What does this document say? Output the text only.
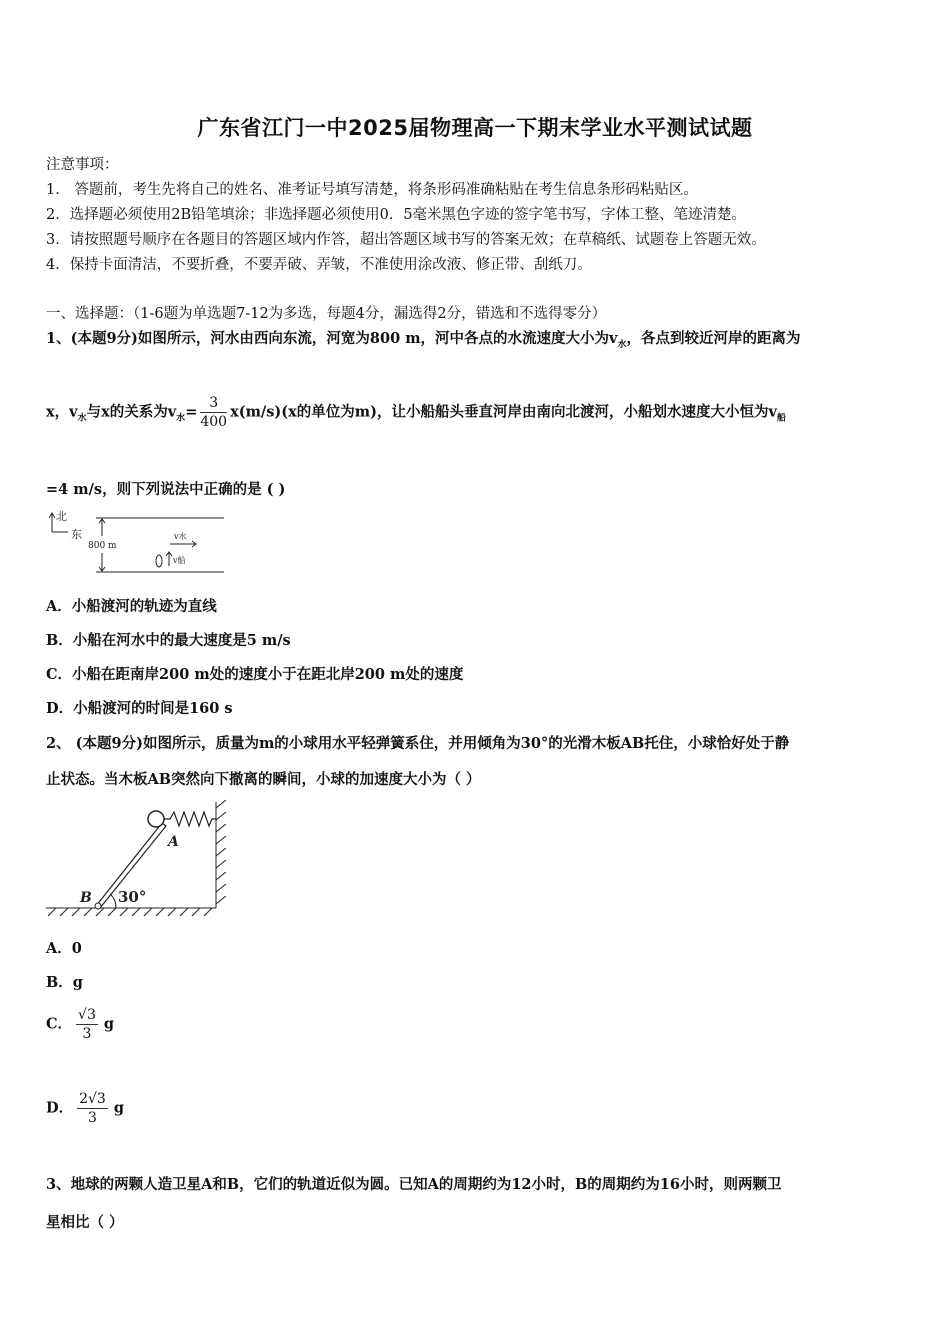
广东省江门一中2025届物理高一下期末学业水平测试试题
注意事项：
1． 答题前，考生先将自己的姓名、准考证号填写清楚，将条形码准确粘贴在考生信息条形码粘贴区。
2．选择题必须使用2B铅笔填涂；非选择题必须使用0．5毫米黑色字迹的签字笔书写，字体工整、笔迹清楚。
3．请按照题号顺序在各题目的答题区域内作答，超出答题区域书写的答案无效；在草稿纸、试题卷上答题无效。
4．保持卡面清洁，不要折叠，不要弄破、弄皱，不准使用涂改液、修正带、刮纸刀。
一、选择题：（1-6题为单选题7-12为多选，每题4分，漏选得2分，错选和不选得零分）
1、(本题9分)如图所示，河水由西向东流，河宽为800 m，河中各点的水流速度大小为$v_水$，各点到较近河岸的距离为
x，$v_水$与x的关系为$v_水= \frac{3}{400} x(m/s)(x$的单位为m)，让小船船头垂直河岸由南向北渡河，小船划水速度大小恒为$v_船$
=4 m/s，则下列说法中正确的是 ( )
北
东
800 m
v水
v船
A．小船渡河的轨迹为直线
B．小船在河水中的最大速度是5 m/s
C．小船在距南岸200 m处的速度小于在距北岸200 m处的速度
D．小船渡河的时间是160 s
2、 (本题9分)如图所示，质量为m的小球用水平轻弹簧系住，并用倾角为30°的光滑木板AB托住，小球恰好处于静
止状态。当木板AB突然向下撤离的瞬间，小球的加速度大小为（ ）
A
B 30°
A．0
B．g
C． $\frac{√3}{3}$ g
D． $\frac{2√3}{3}$ g
3、地球的两颗人造卫星A和B，它们的轨道近似为圆。已知A的周期约为12小时，B的周期约为16小时，则两颗卫
星相比（ ）
